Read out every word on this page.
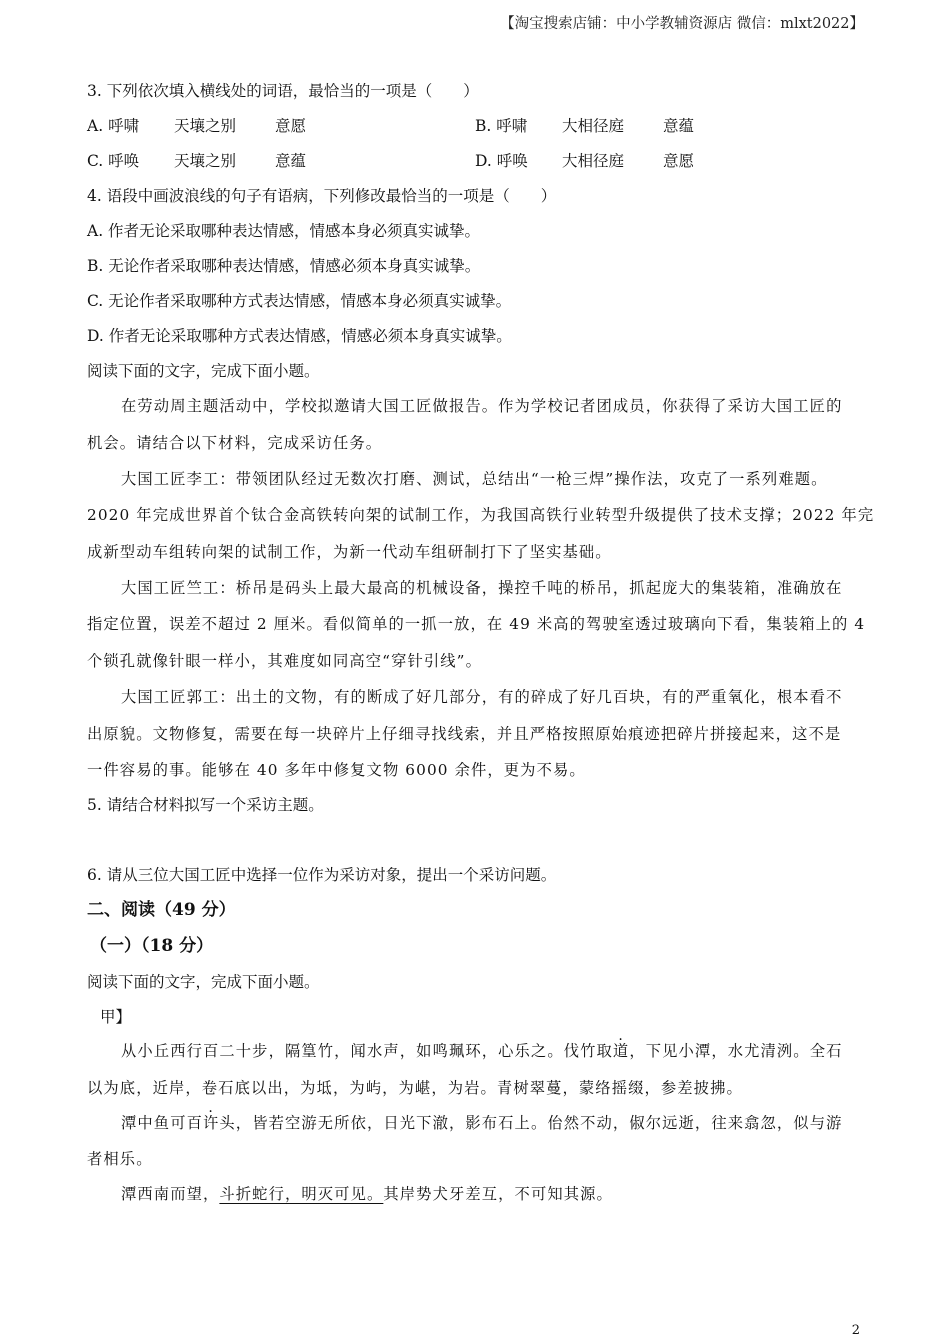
【淘宝搜索店铺：中小学教辅资源店 微信：mlxt2022】
3. 下列依次填入横线处的词语，最恰当的一项是（　　）
A. 呼啸 天壤之别	意愿	B. 呼啸 大相径庭	意蕴
C. 呼唤 天壤之别	意蕴	D. 呼唤 大相径庭	意愿
4. 语段中画波浪线的句子有语病，下列修改最恰当的一项是（　　）
A. 作者无论采取哪种表达情感，情感本身必须真实诚挚。
B. 无论作者采取哪种表达情感，情感必须本身真实诚挚。
C. 无论作者采取哪种方式表达情感，情感本身必须真实诚挚。
D. 作者无论采取哪种方式表达情感，情感必须本身真实诚挚。
阅读下面的文字，完成下面小题。
在劳动周主题活动中，学校拟邀请大国工匠做报告。作为学校记者团成员，你获得了采访大国工匠的
机会。请结合以下材料，完成采访任务。
大国工匠李工：带领团队经过无数次打磨、测试，总结出“一枪三焊”操作法，攻克了一系列难题。
2020 年完成世界首个钛合金高铁转向架的试制工作，为我国高铁行业转型升级提供了技术支撑；2022 年完
成新型动车组转向架的试制工作，为新一代动车组研制打下了坚实基础。
大国工匠竺工：桥吊是码头上最大最高的机械设备，操控千吨的桥吊，抓起庞大的集装箱，准确放在
指定位置，误差不超过 2 厘米。看似简单的一抓一放，在 49 米高的驾驶室透过玻璃向下看，集装箱上的 4
个锁孔就像针眼一样小，其难度如同高空“穿针引线”。
大国工匠郭工：出土的文物，有的断成了好几部分，有的碎成了好几百块，有的严重氧化，根本看不
出原貌。文物修复，需要在每一块碎片上仔细寻找线索，并且严格按照原始痕迹把碎片拼接起来，这不是
一件容易的事。能够在 40 多年中修复文物 6000 余件，更为不易。
5. 请结合材料拟写一个采访主题。
6. 请从三位大国工匠中选择一位作为采访对象，提出一个采访问题。
二、阅读（49 分）
（一）（18 分）
阅读下面的文字，完成下面小题。
甲】
从小丘西行百二十步，隔篁竹，闻水声，如鸣珮环，心乐之。伐竹取道，下见小潭，水尤清洌。全石
以为底，近岸，卷石底以出，为坻，为屿，为嵁，为岩。青树翠蔓，蒙络摇缀，参差披拂。
潭中鱼可百许头，皆若空游无所依，日光下澈，影布石上。佁然不动，俶尔远逝，往来翕忽，似与游
者相乐。
潭西南而望，斗折蛇行，明灭可见。其岸势犬牙差互，不可知其源。
2
